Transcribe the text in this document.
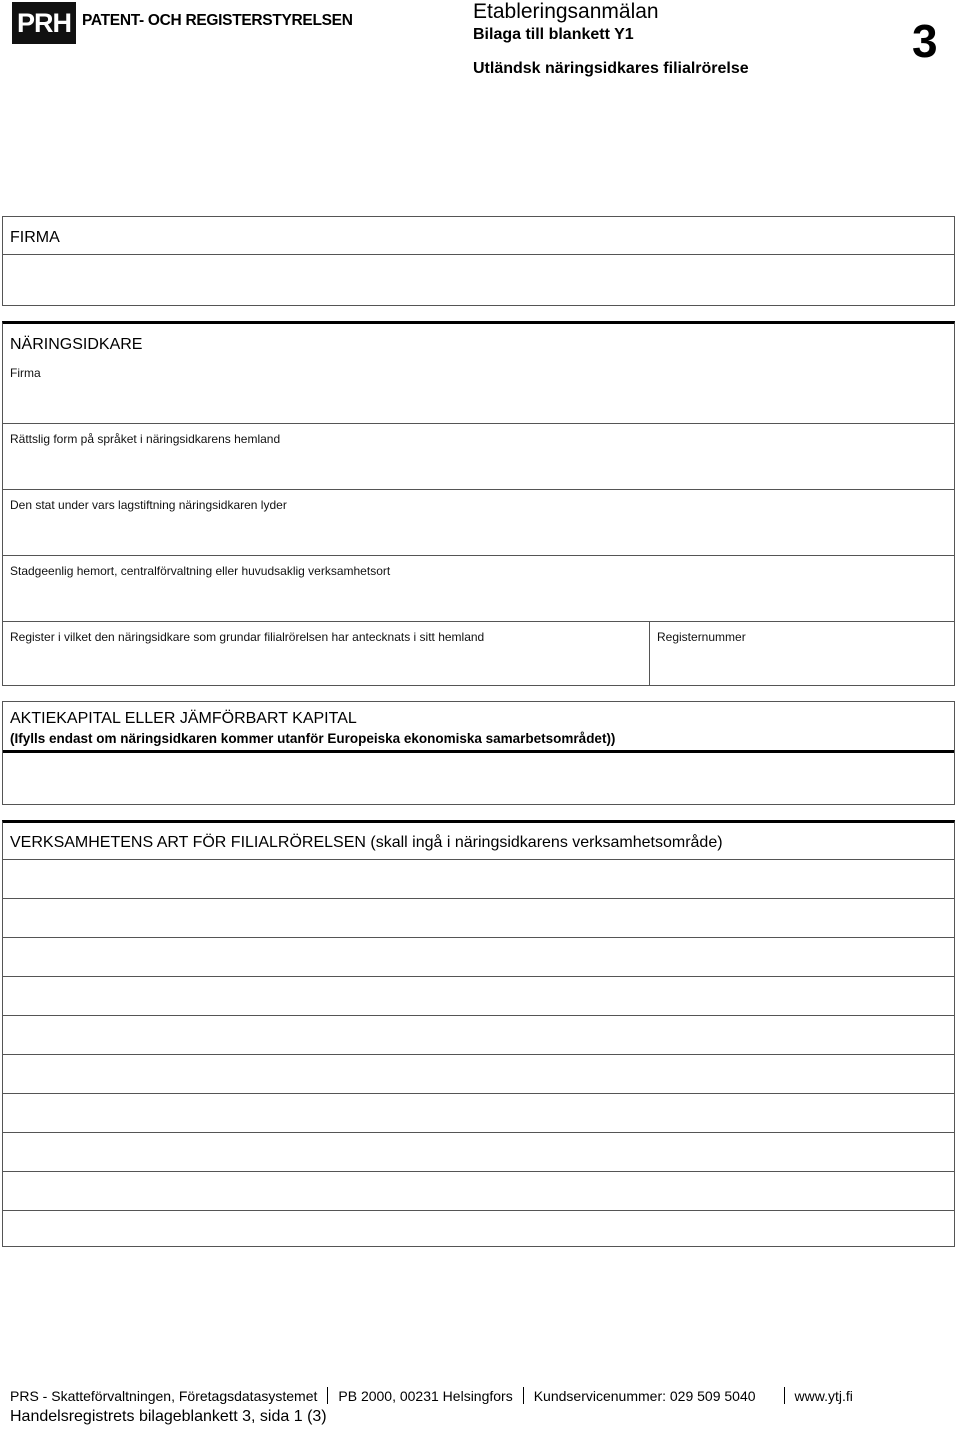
PRH PATENT- OCH REGISTERSTYRELSEN	Etableringsanmälan
Bilaga till blankett Y1
Utländsk näringsidkares filialrörelse
3
FIRMA
NÄRINGSIDKARE
Firma
Rättslig form på språket i näringsidkarens hemland
Den stat under vars lagstiftning näringsidkaren lyder
Stadgeenlig hemort, centralförvaltning eller huvudsaklig verksamhetsort
Register i vilket den näringsidkare som grundar filialrörelsen har antecknats i sitt hemland	Registernummer
AKTIEKAPITAL ELLER JÄMFÖRBART KAPITAL
(Ifylls endast om näringsidkaren kommer utanför Europeiska ekonomiska samarbetsområdet))
VERKSAMHETENS ART FÖR FILIALRÖRELSEN (skall ingå i näringsidkarens verksamhetsområde)
PRS - Skatteförvaltningen, Företagsdatasystemet PB 2000, 00231 Helsingfors Kundservicenummer: 029 509 5040	www.ytj.fi
Handelsregistrets bilageblankett 3, sida 1 (3)
